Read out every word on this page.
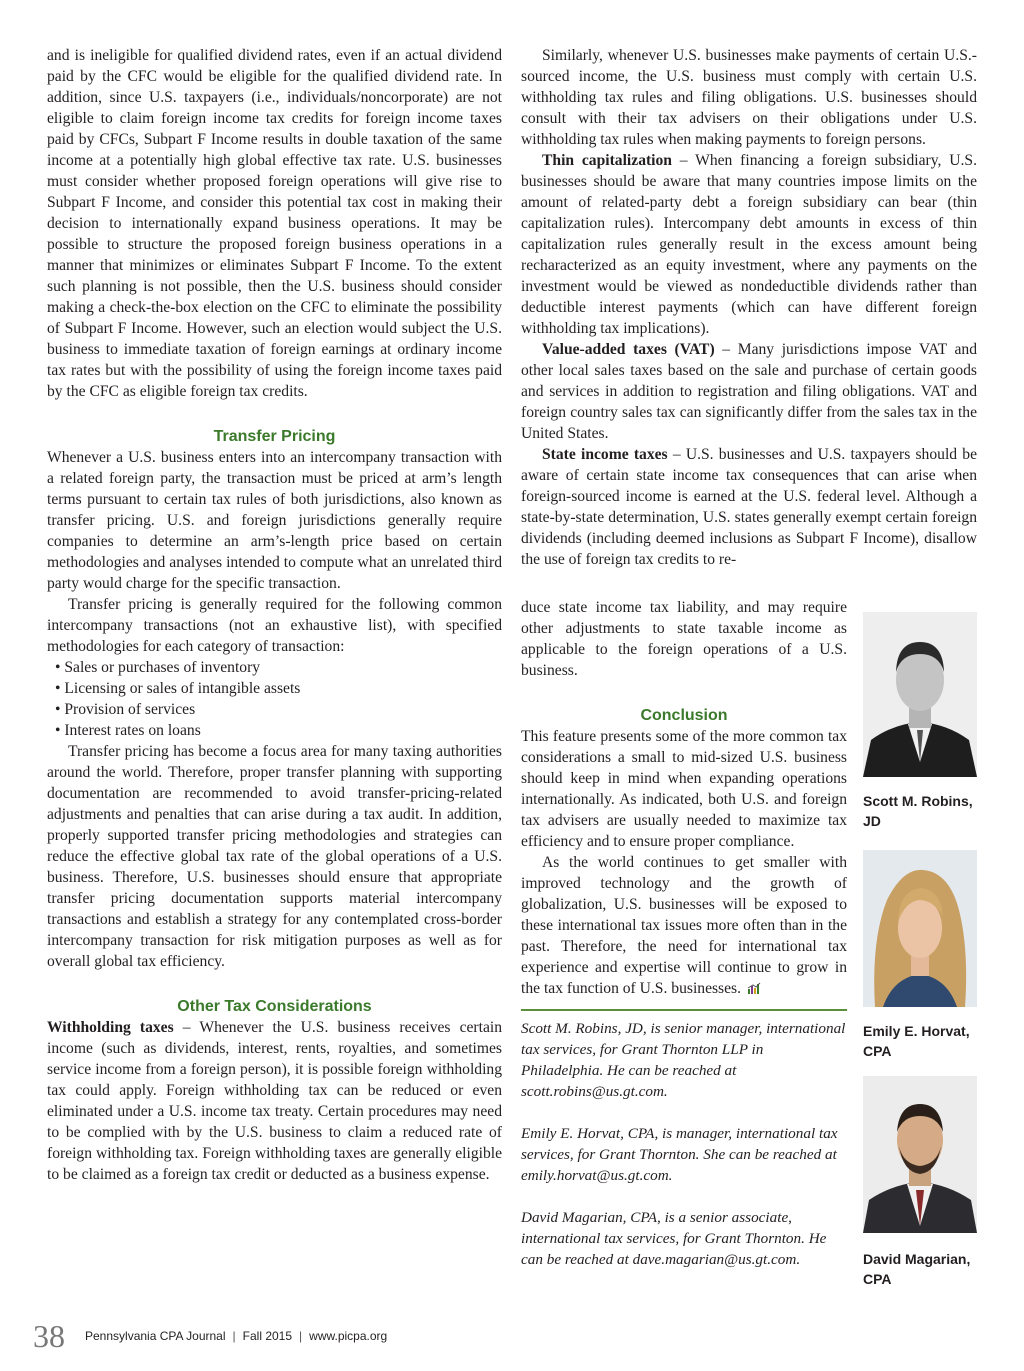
and is ineligible for qualified dividend rates, even if an actual dividend paid by the CFC would be eligible for the qualified dividend rate. In addition, since U.S. taxpayers (i.e., individuals/noncorporate) are not eligible to claim foreign income tax credits for foreign income taxes paid by CFCs, Subpart F Income results in double taxation of the same income at a potentially high global effective tax rate. U.S. businesses must consider whether proposed foreign operations will give rise to Subpart F Income, and consider this potential tax cost in making their decision to internationally expand business operations. It may be possible to structure the proposed foreign business operations in a manner that minimizes or eliminates Subpart F Income. To the extent such planning is not possible, then the U.S. business should consider making a check-the-box election on the CFC to eliminate the possibility of Subpart F Income. However, such an election would subject the U.S. business to immediate taxation of foreign earnings at ordinary income tax rates but with the possibility of using the foreign income taxes paid by the CFC as eligible foreign tax credits.

Transfer Pricing

Whenever a U.S. business enters into an intercompany transaction with a related foreign party, the transaction must be priced at arm’s length terms pursuant to certain tax rules of both jurisdictions, also known as transfer pricing. U.S. and foreign jurisdictions generally require companies to determine an arm’s-length price based on certain methodologies and analyses intended to compute what an unrelated third party would charge for the specific transaction.

Transfer pricing is generally required for the following common intercompany transactions (not an exhaustive list), with specified methodologies for each category of transaction:

• Sales or purchases of inventory
• Licensing or sales of intangible assets
• Provision of services
• Interest rates on loans

Transfer pricing has become a focus area for many taxing authorities around the world. Therefore, proper transfer planning with supporting documentation are recommended to avoid transfer-pricing-related adjustments and penalties that can arise during a tax audit. In addition, properly supported transfer pricing methodologies and strategies can reduce the effective global tax rate of the global operations of a U.S. business. Therefore, U.S. businesses should ensure that appropriate transfer pricing documentation supports material intercompany transactions and establish a strategy for any contemplated cross-border intercompany transaction for risk mitigation purposes as well as for overall global tax efficiency.

Other Tax Considerations

Withholding taxes – Whenever the U.S. business receives certain income (such as dividends, interest, rents, royalties, and sometimes service income from a foreign person), it is possible foreign withholding tax could apply. Foreign withholding tax can be reduced or even eliminated under a U.S. income tax treaty. Certain procedures may need to be complied with by the U.S. business to claim a reduced rate of foreign withholding tax. Foreign withholding taxes are generally eligible to be claimed as a foreign tax credit or deducted as a business expense.

Similarly, whenever U.S. businesses make payments of certain U.S.-sourced income, the U.S. business must comply with certain U.S. withholding tax rules and filing obligations. U.S. businesses should consult with their tax advisers on their obligations under U.S. withholding tax rules when making payments to foreign persons.

Thin capitalization – When financing a foreign subsidiary, U.S. businesses should be aware that many countries impose limits on the amount of related-party debt a foreign subsidiary can bear (thin capitalization rules). Intercompany debt amounts in excess of thin capitalization rules generally result in the excess amount being recharacterized as an equity investment, where any payments on the investment would be viewed as nondeductible dividends rather than deductible interest payments (which can have different foreign withholding tax implications).

Value-added taxes (VAT) – Many jurisdictions impose VAT and other local sales taxes based on the sale and purchase of certain goods and services in addition to registration and filing obligations. VAT and foreign country sales tax can significantly differ from the sales tax in the United States.

State income taxes – U.S. businesses and U.S. taxpayers should be aware of certain state income tax consequences that can arise when foreign-sourced income is earned at the U.S. federal level. Although a state-by-state determination, U.S. states generally exempt certain foreign dividends (including deemed inclusions as Subpart F Income), disallow the use of foreign tax credits to re-

duce state income tax liability, and may require other adjustments to state taxable income as applicable to the foreign operations of a U.S. business.

Conclusion

This feature presents some of the more common tax considerations a small to mid-sized U.S. business should keep in mind when expanding operations internationally. As indicated, both U.S. and foreign tax advisers are usually needed to maximize tax efficiency and to ensure proper compliance.

As the world continues to get smaller with improved technology and the growth of globalization, U.S. businesses will be exposed to these international tax issues more often than in the past. Therefore, the need for international tax experience and expertise will continue to grow in the tax function of U.S. businesses.

Scott M. Robins, JD, is senior manager, international tax services, for Grant Thornton LLP in Philadelphia. He can be reached at scott.robins@us.gt.com.
Emily E. Horvat, CPA, is manager, international tax services, for Grant Thornton. She can be reached at emily.horvat@us.gt.com.
David Magarian, CPA, is a senior associate, international tax services, for Grant Thornton. He can be reached at dave.magarian@us.gt.com.
Scott M. Robins, JD
Emily E. Horvat, CPA
David Magarian, CPA
38 Pennsylvania CPA Journal | Fall 2015 | www.picpa.org
